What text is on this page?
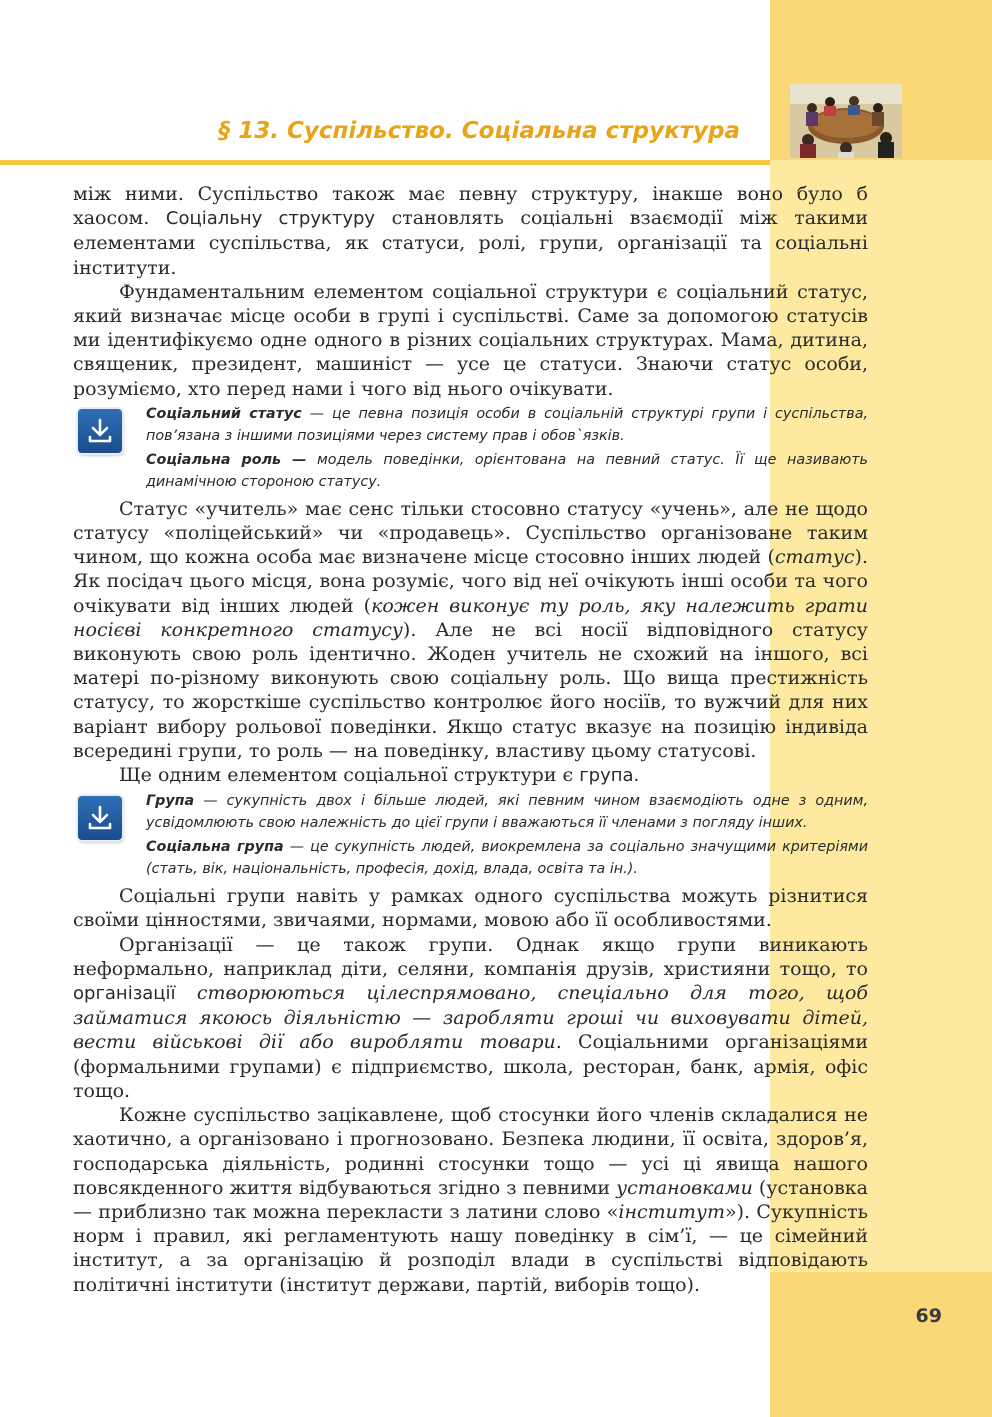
§ 13. Суспільство. Соціальна структура

між ними. Суспільство також має певну структуру, інакше воно було б хаосом. Соціальну структуру становлять соціальні взаємодії між такими елементами суспільства, як статуси, ролі, групи, організації та соціальні інститути.

Фундаментальним елементом соціальної структури є соціальний статус, який визначає місце особи в групі і суспільстві. Саме за допомогою статусів ми ідентифікуємо одне одного в різних соціальних структурах. Мама, дитина, священик, президент, машиніст — усе це статуси. Знаючи статус особи, розуміємо, хто перед нами і чого від нього очікувати.

Соціальний статус — це певна позиція особи в соціальній структурі групи і суспільства, пов’язана з іншими позиціями через систему прав і обов`язків.

Соціальна роль — модель поведінки, орієнтована на певний статус. Її ще називають динамічною стороною статусу.

Статус «учитель» має сенс тільки стосовно статусу «учень», але не щодо статусу «поліцейський» чи «продавець». Суспільство організоване таким чином, що кожна особа має визначене місце стосовно інших людей (статус). Як посідач цього місця, вона розуміє, чого від неї очікують інші особи та чого очікувати від інших людей (кожен виконує ту роль, яку належить грати носієві конкретного статусу). Але не всі носії відповідного статусу виконують свою роль ідентично. Жоден учитель не схожий на іншого, всі матері по-різному виконують свою соціальну роль. Що вища престижність статусу, то жорсткіше суспільство контролює його носіїв, то вужчий для них варіант вибору рольової поведінки. Якщо статус вказує на позицію індивіда всередині групи, то роль — на поведінку, властиву цьому статусові.

Ще одним елементом соціальної структури є група.

Група — сукупність двох і більше людей, які певним чином взаємодіють одне з одним, усвідомлюють свою належність до цієї групи і вважаються її членами з погляду інших.

Соціальна група — це сукупність людей, виокремлена за соціально значущими критеріями (стать, вік, національність, професія, дохід, влада, освіта та ін.).

Соціальні групи навіть у рамках одного суспільства можуть різнитися своїми цінностями, звичаями, нормами, мовою або її особливостями.

Організації — це також групи. Однак якщо групи виникають неформально, наприклад діти, селяни, компанія друзів, християни тощо, то організації створюються цілеспрямовано, спеціально для того, щоб займатися якоюсь діяльністю — заробляти гроші чи виховувати дітей, вести військові дії або виробляти товари. Соціальними організаціями (формальними групами) є підприємство, школа, ресторан, банк, армія, офіс тощо.

Кожне суспільство зацікавлене, щоб стосунки його членів складалися не хаотично, а організовано і прогнозовано. Безпека людини, її освіта, здоров’я, господарська діяльність, родинні стосунки тощо — усі ці явища нашого повсякденного життя відбуваються згідно з певними установками (установка — приблизно так можна перекласти з латини слово «інститут»). Сукупність норм і правил, які регламентують нашу поведінку в сім’ї, — це сімейний інститут, а за організацію й розподіл влади в суспільстві відповідають політичні інститути (інститут держави, партій, виборів тощо).

69
